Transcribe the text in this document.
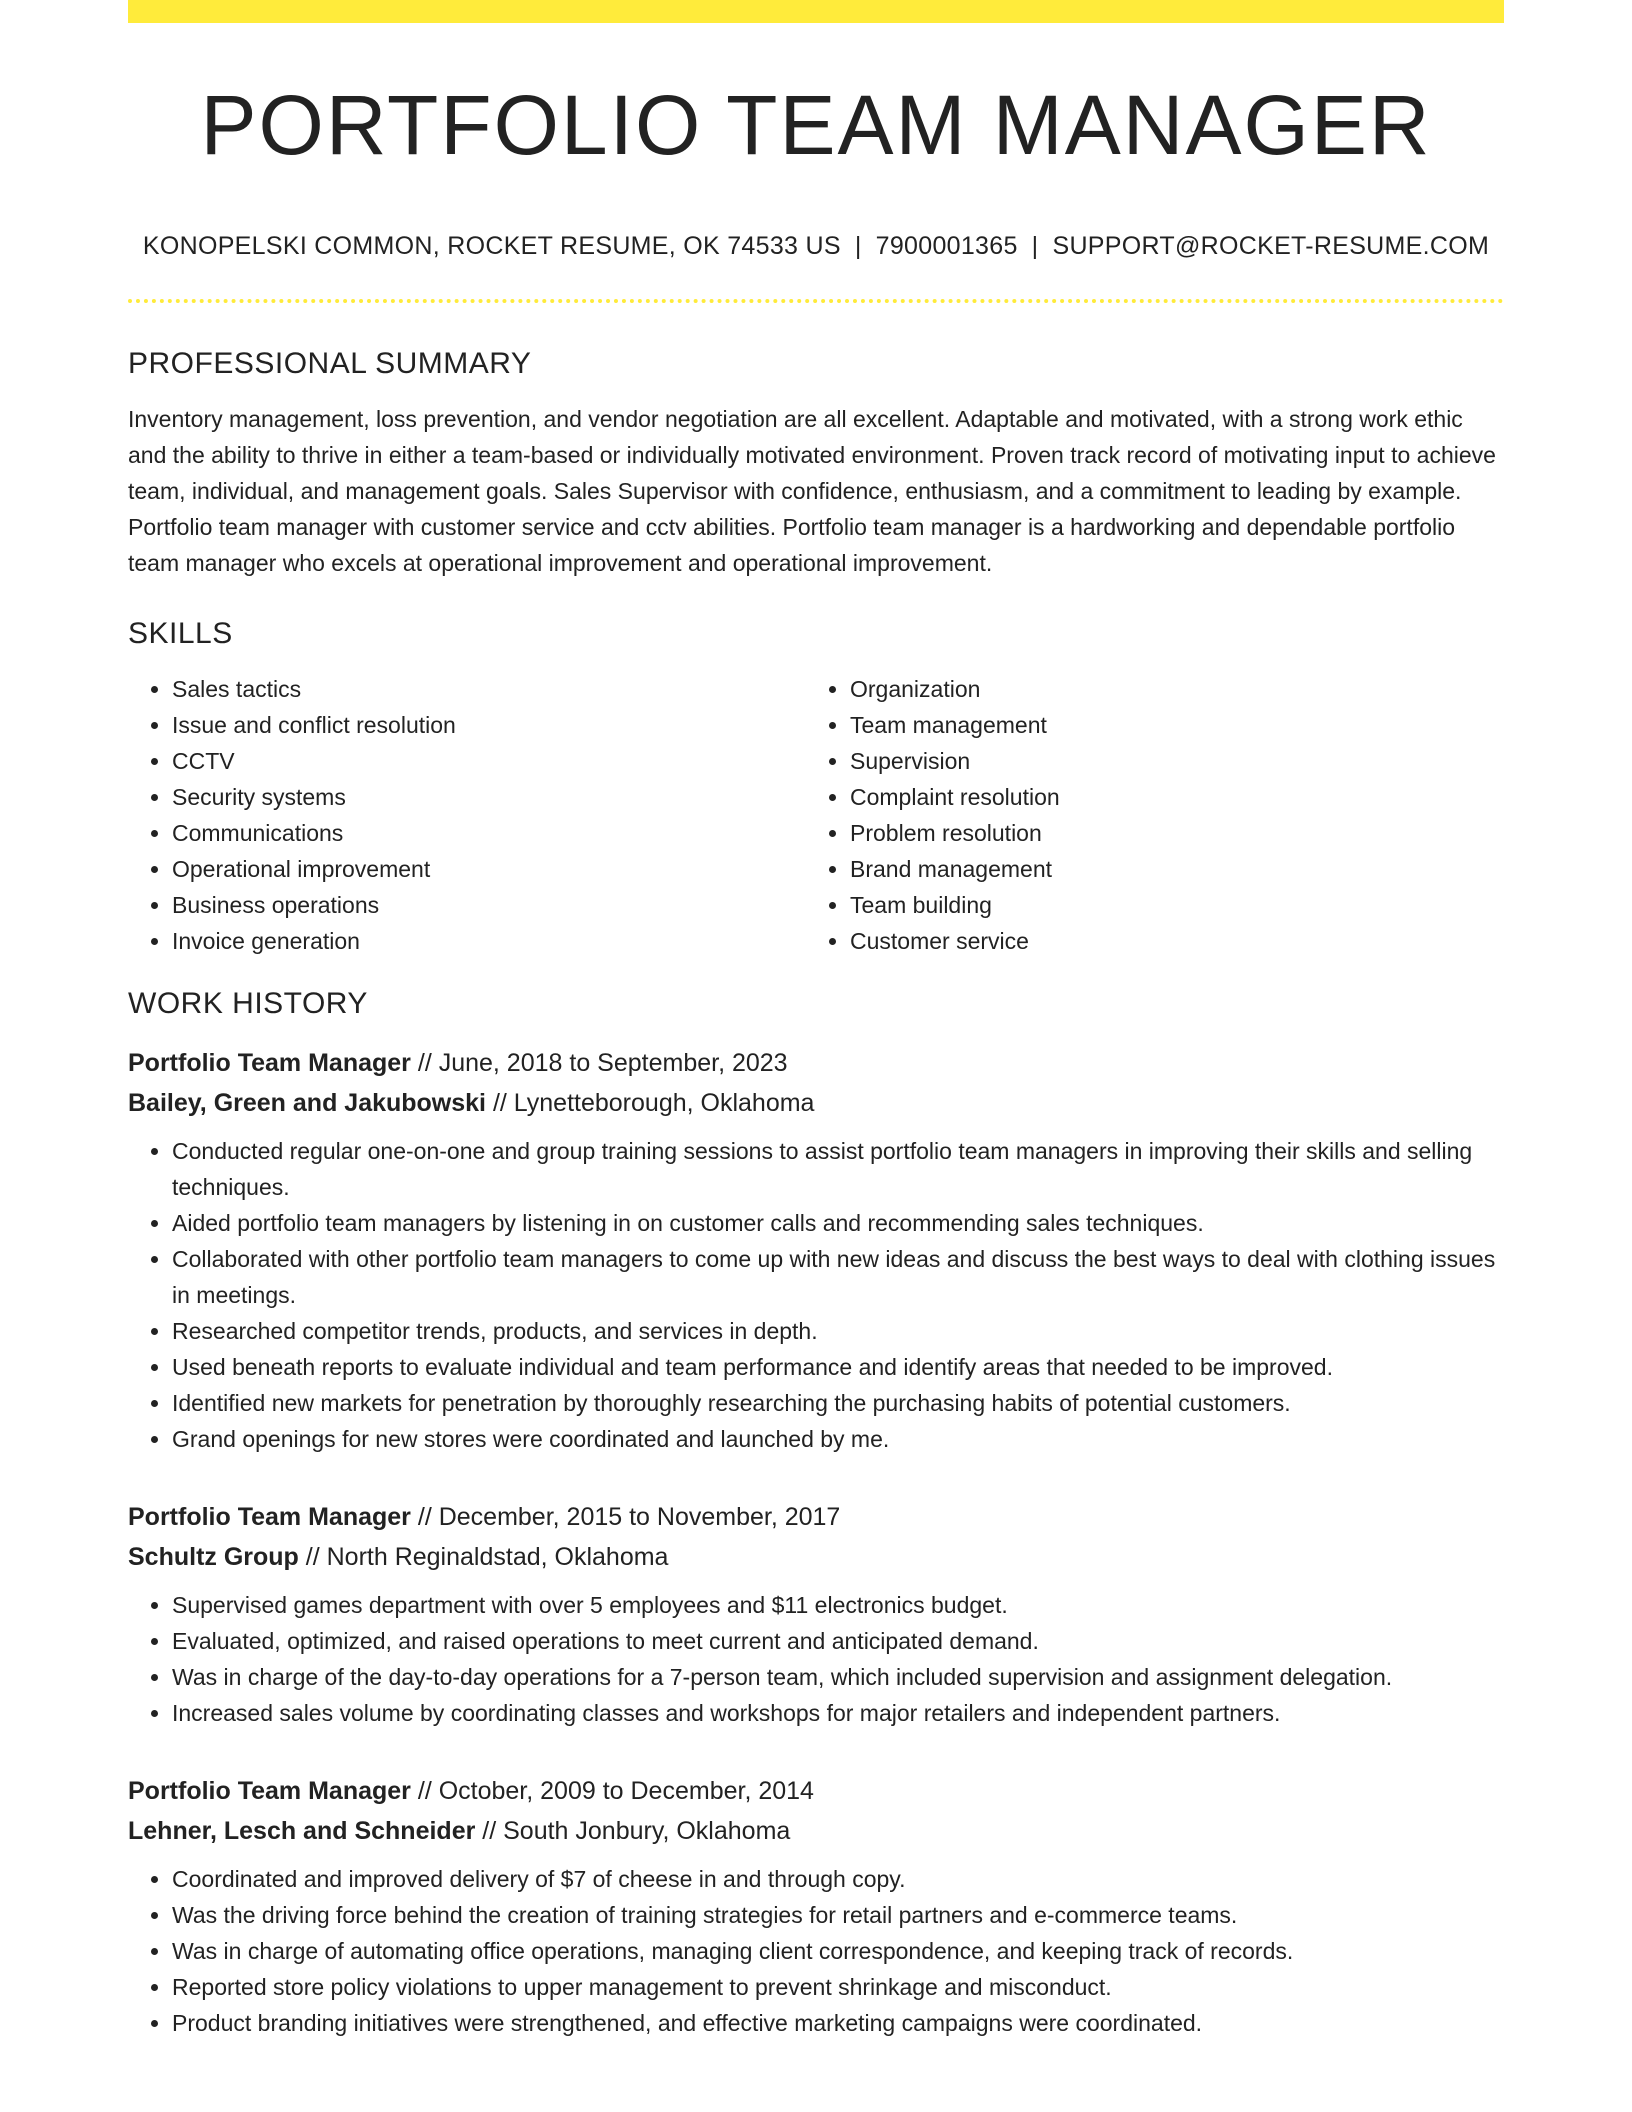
PORTFOLIO TEAM MANAGER
KONOPELSKI COMMON, ROCKET RESUME, OK 74533 US | 7900001365 | SUPPORT@ROCKET-RESUME.COM
PROFESSIONAL SUMMARY
Inventory management, loss prevention, and vendor negotiation are all excellent. Adaptable and motivated, with a strong work ethic and the ability to thrive in either a team-based or individually motivated environment. Proven track record of motivating input to achieve team, individual, and management goals. Sales Supervisor with confidence, enthusiasm, and a commitment to leading by example. Portfolio team manager with customer service and cctv abilities. Portfolio team manager is a hardworking and dependable portfolio team manager who excels at operational improvement and operational improvement.
SKILLS
• Sales tactics
• Issue and conflict resolution
• CCTV
• Security systems
• Communications
• Operational improvement
• Business operations
• Invoice generation
• Organization
• Team management
• Supervision
• Complaint resolution
• Problem resolution
• Brand management
• Team building
• Customer service
WORK HISTORY
Portfolio Team Manager // June, 2018 to September, 2023
Bailey, Green and Jakubowski // Lynetteborough, Oklahoma
• Conducted regular one-on-one and group training sessions to assist portfolio team managers in improving their skills and selling techniques.
• Aided portfolio team managers by listening in on customer calls and recommending sales techniques.
• Collaborated with other portfolio team managers to come up with new ideas and discuss the best ways to deal with clothing issues in meetings.
• Researched competitor trends, products, and services in depth.
• Used beneath reports to evaluate individual and team performance and identify areas that needed to be improved.
• Identified new markets for penetration by thoroughly researching the purchasing habits of potential customers.
• Grand openings for new stores were coordinated and launched by me.
Portfolio Team Manager // December, 2015 to November, 2017
Schultz Group // North Reginaldstad, Oklahoma
• Supervised games department with over 5 employees and $11 electronics budget.
• Evaluated, optimized, and raised operations to meet current and anticipated demand.
• Was in charge of the day-to-day operations for a 7-person team, which included supervision and assignment delegation.
• Increased sales volume by coordinating classes and workshops for major retailers and independent partners.
Portfolio Team Manager // October, 2009 to December, 2014
Lehner, Lesch and Schneider // South Jonbury, Oklahoma
• Coordinated and improved delivery of $7 of cheese in and through copy.
• Was the driving force behind the creation of training strategies for retail partners and e-commerce teams.
• Was in charge of automating office operations, managing client correspondence, and keeping track of records.
• Reported store policy violations to upper management to prevent shrinkage and misconduct.
• Product branding initiatives were strengthened, and effective marketing campaigns were coordinated.
